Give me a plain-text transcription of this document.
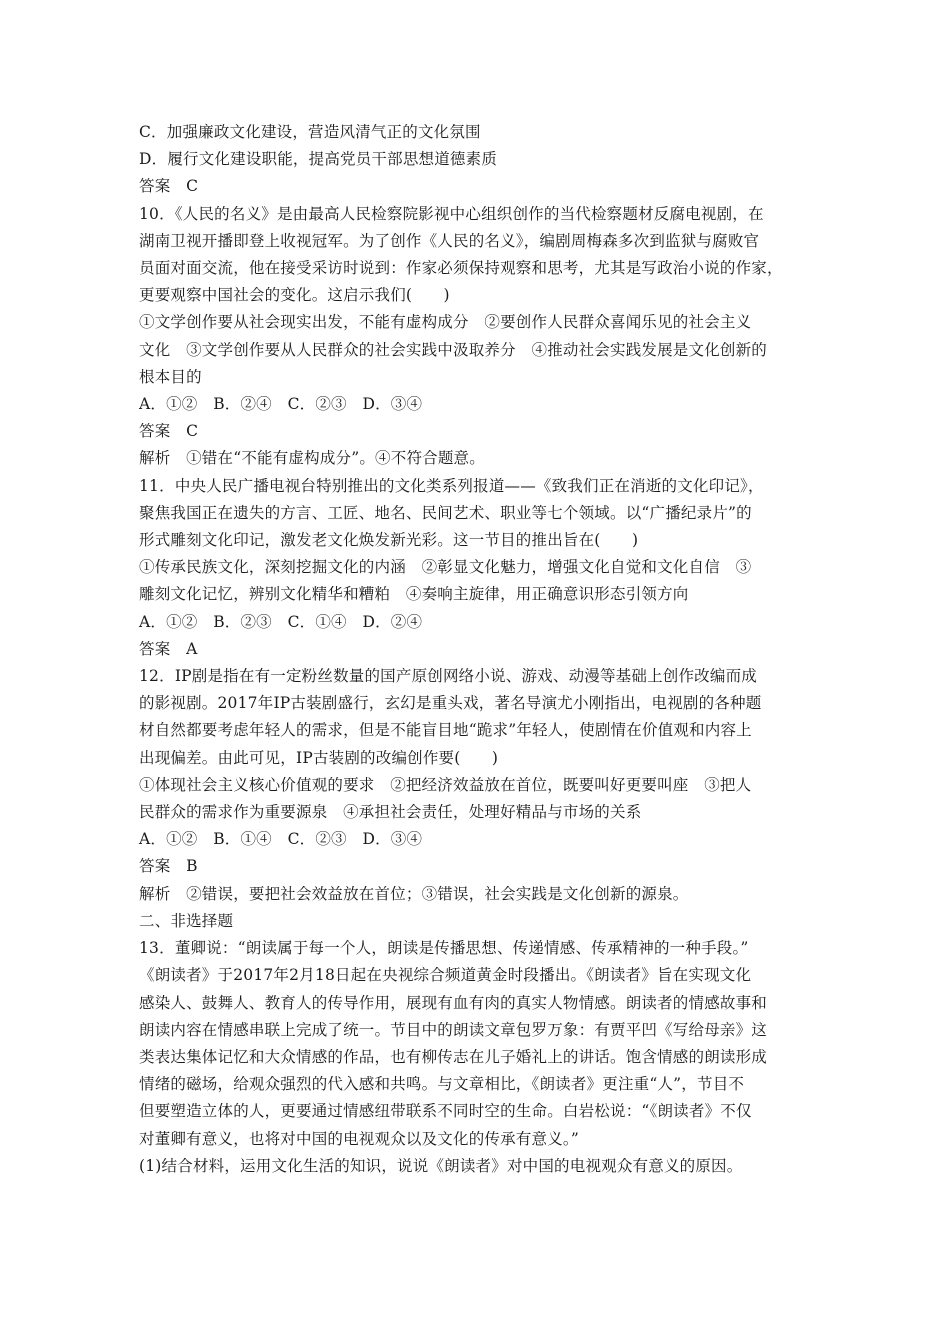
C．加强廉政文化建设，营造风清气正的文化氛围
D．履行文化建设职能，提高党员干部思想道德素质
答案　C
10．《人民的名义》是由最高人民检察院影视中心组织创作的当代检察题材反腐电视剧，在
湖南卫视开播即登上收视冠军。为了创作《人民的名义》，编剧周梅森多次到监狱与腐败官
员面对面交流，他在接受采访时说到：作家必须保持观察和思考，尤其是写政治小说的作家，
更要观察中国社会的变化。这启示我们(　　)
①文学创作要从社会现实出发，不能有虚构成分　②要创作人民群众喜闻乐见的社会主义
文化　③文学创作要从人民群众的社会实践中汲取养分　④推动社会实践发展是文化创新的
根本目的
A．①②　B．②④　C．②③　D．③④
答案　C
解析　①错在“不能有虚构成分”。④不符合题意。
11．中央人民广播电视台特别推出的文化类系列报道——《致我们正在消逝的文化印记》，
聚焦我国正在遗失的方言、工匠、地名、民间艺术、职业等七个领域。以“广播纪录片”的
形式雕刻文化印记，激发老文化焕发新光彩。这一节目的推出旨在(　　)
①传承民族文化，深刻挖掘文化的内涵　②彰显文化魅力，增强文化自觉和文化自信　③
雕刻文化记忆，辨别文化精华和糟粕　④奏响主旋律，用正确意识形态引领方向
A．①②　B．②③　C．①④　D．②④
答案　A
12．IP剧是指在有一定粉丝数量的国产原创网络小说、游戏、动漫等基础上创作改编而成
的影视剧。2017年IP古装剧盛行，玄幻是重头戏，著名导演尤小刚指出，电视剧的各种题
材自然都要考虑年轻人的需求，但是不能盲目地“跪求”年轻人，使剧情在价值观和内容上
出现偏差。由此可见，IP古装剧的改编创作要(　　)
①体现社会主义核心价值观的要求　②把经济效益放在首位，既要叫好更要叫座　③把人
民群众的需求作为重要源泉　④承担社会责任，处理好精品与市场的关系
A．①②　B．①④　C．②③　D．③④
答案　B
解析　②错误，要把社会效益放在首位；③错误，社会实践是文化创新的源泉。
二、非选择题
13．董卿说：“朗读属于每一个人，朗读是传播思想、传递情感、传承精神的一种手段。”
《朗读者》于2017年2月18日起在央视综合频道黄金时段播出。《朗读者》旨在实现文化
感染人、鼓舞人、教育人的传导作用，展现有血有肉的真实人物情感。朗读者的情感故事和
朗读内容在情感串联上完成了统一。节目中的朗读文章包罗万象：有贾平凹《写给母亲》这
类表达集体记忆和大众情感的作品，也有柳传志在儿子婚礼上的讲话。饱含情感的朗读形成
情绪的磁场，给观众强烈的代入感和共鸣。与文章相比，《朗读者》更注重“人”，节目不
但要塑造立体的人，更要通过情感纽带联系不同时空的生命。白岩松说：“《朗读者》不仅
对董卿有意义，也将对中国的电视观众以及文化的传承有意义。”
(1)结合材料，运用文化生活的知识，说说《朗读者》对中国的电视观众有意义的原因。
